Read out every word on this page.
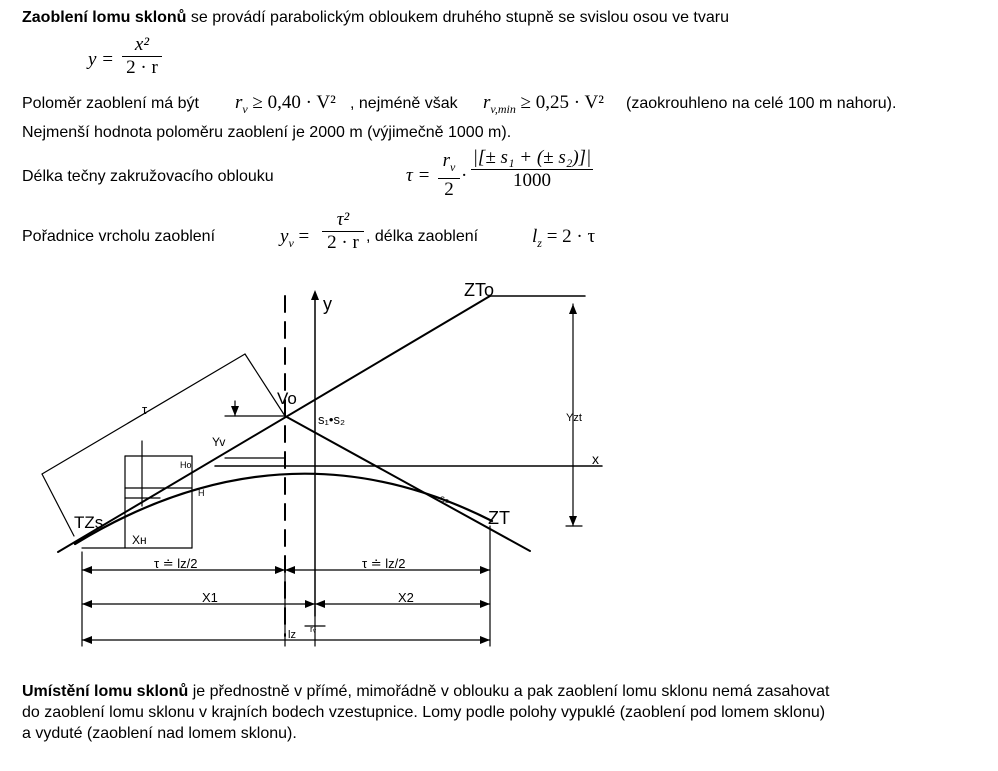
Zaoblení lomu sklonů se provádí parabolickým obloukem druhého stupně se svislou osou ve tvaru
$y = \frac{\text{x²}}{2 \cdot r}$
Poloměr zaoblení má být $r_v \ge 0,40 \cdot V^2$ , nejméně však $r_{v,min} \ge 0,25 \cdot V^2$ (zaokrouhleno na celé 100 m nahoru).
Nejmenší hodnota poloměru zaoblení je 2000 m (výjimečně 1000 m).
Délka tečny zakružovacího oblouku	$\tau = \frac{r_v}{2} \cdot \frac{\text{|[± s₁ + (± s₂)]|}}{1000}$
Pořadnice vrcholu zaoblení	$y_v = \frac{\text{τ²}}{2 \cdot r}$ , délka zaoblení	$l_z = 2 \cdot \tau$
ZTo
y
x
Vo
s₁•s₂	Yzt
Yv
τ
TZs
Ho
H
Xн
ZT
s₂
τ ≐ lz/2	τ ≐ lz/2
X1	X2
lz rᵥ
Umístění lomu sklonů je přednostně v přímé, mimořádně v oblouku a pak zaoblení lomu sklonu nemá zasahovat
do zaoblení lomu sklonu v krajních bodech vzestupnice. Lomy podle polohy vypuklé (zaoblení pod lomem sklonu)
a vyduté (zaoblení nad lomem sklonu).
